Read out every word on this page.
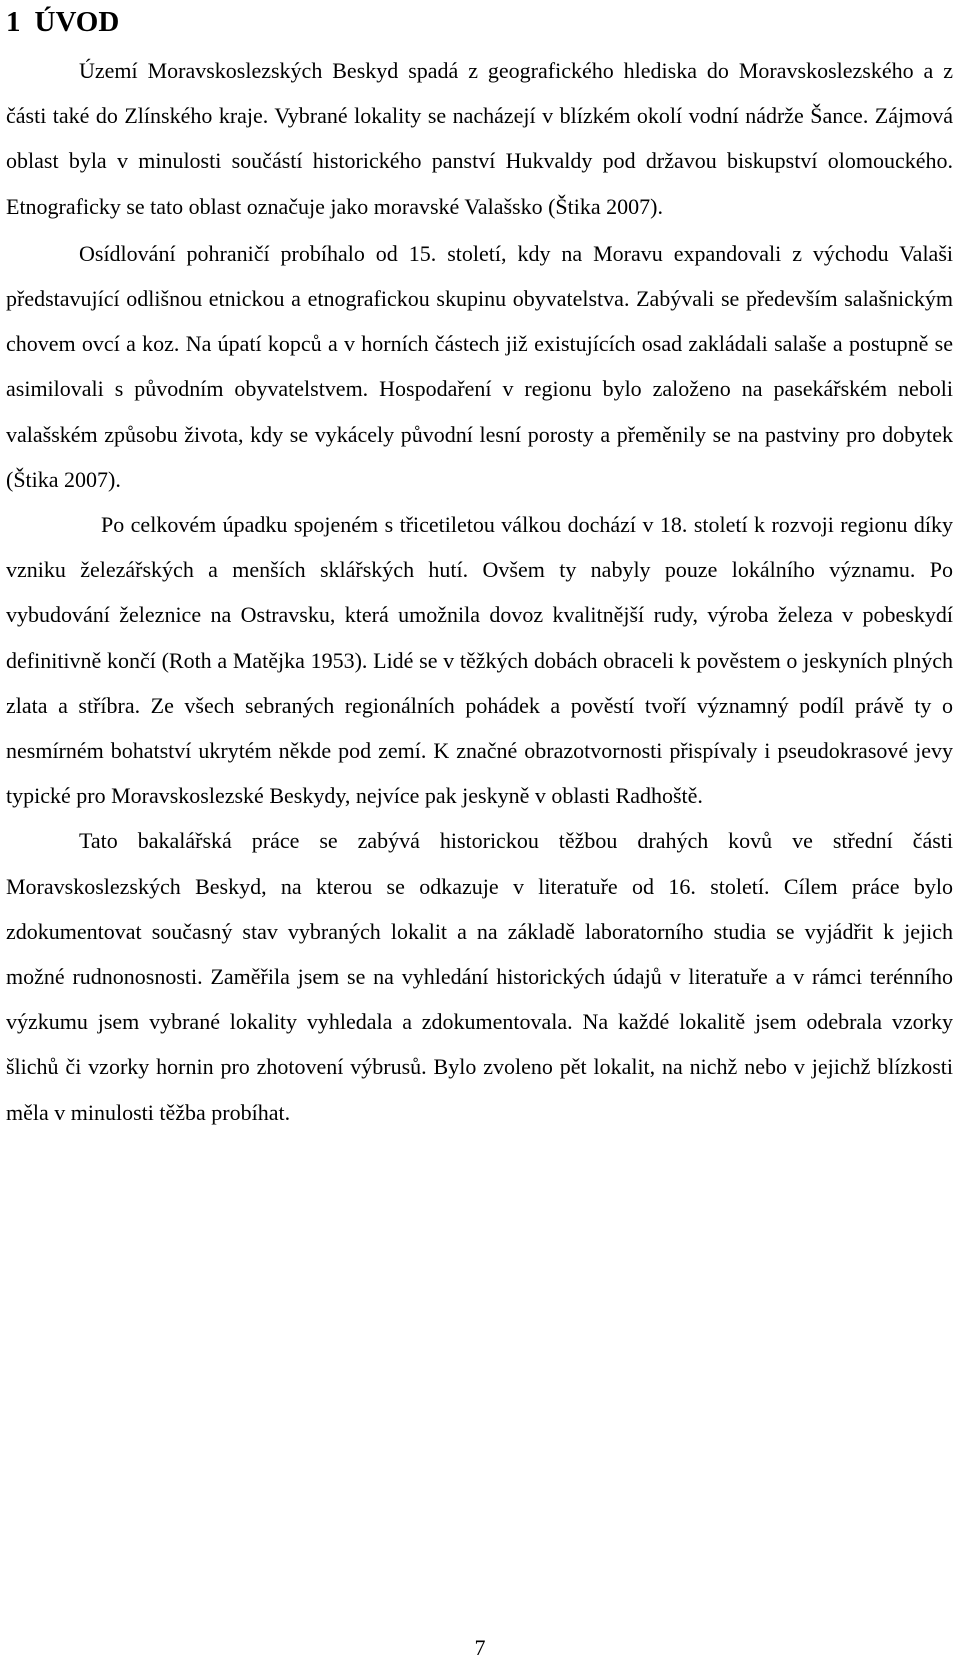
1 ÚVOD

Území Moravskoslezských Beskyd spadá z geografického hlediska do Moravskoslezského a z části také do Zlínského kraje. Vybrané lokality se nacházejí v blízkém okolí vodní nádrže Šance. Zájmová oblast byla v minulosti součástí historického panství Hukvaldy pod državou biskupství olomouckého. Etnograficky se tato oblast označuje jako moravské Valašsko (Štika 2007).

Osídlování pohraničí probíhalo od 15. století, kdy na Moravu expandovali z východu Valaši představující odlišnou etnickou a etnografickou skupinu obyvatelstva. Zabývali se především salašnickým chovem ovcí a koz. Na úpatí kopců a v horních částech již existujících osad zakládali salaše a postupně se asimilovali s původním obyvatelstvem. Hospodaření v regionu bylo založeno na pasekářském neboli valašském způsobu života, kdy se vykácely původní lesní porosty a přeměnily se na pastviny pro dobytek (Štika 2007).

Po celkovém úpadku spojeném s třicetiletou válkou dochází v 18. století k rozvoji regionu díky vzniku železářských a menších sklářských hutí. Ovšem ty nabyly pouze lokálního významu. Po vybudování železnice na Ostravsku, která umožnila dovoz kvalitnější rudy, výroba železa v pobeskydí definitivně končí (Roth a Matějka 1953). Lidé se v těžkých dobách obraceli k pověstem o jeskyních plných zlata a stříbra. Ze všech sebraných regionálních pohádek a pověstí tvoří významný podíl právě ty o nesmírném bohatství ukrytém někde pod zemí. K značné obrazotvornosti přispívaly i pseudokrasové jevy typické pro Moravskoslezské Beskydy, nejvíce pak jeskyně v oblasti Radhoště.

Tato bakalářská práce se zabývá historickou těžbou drahých kovů ve střední části Moravskoslezských Beskyd, na kterou se odkazuje v literatuře od 16. století. Cílem práce bylo zdokumentovat současný stav vybraných lokalit a na základě laboratorního studia se vyjádřit k jejich možné rudnonosnosti. Zaměřila jsem se na vyhledání historických údajů v literatuře a v rámci terénního výzkumu jsem vybrané lokality vyhledala a zdokumentovala. Na každé lokalitě jsem odebrala vzorky šlichů či vzorky hornin pro zhotovení výbrusů. Bylo zvoleno pět lokalit, na nichž nebo v jejichž blízkosti měla v minulosti těžba probíhat.

7
